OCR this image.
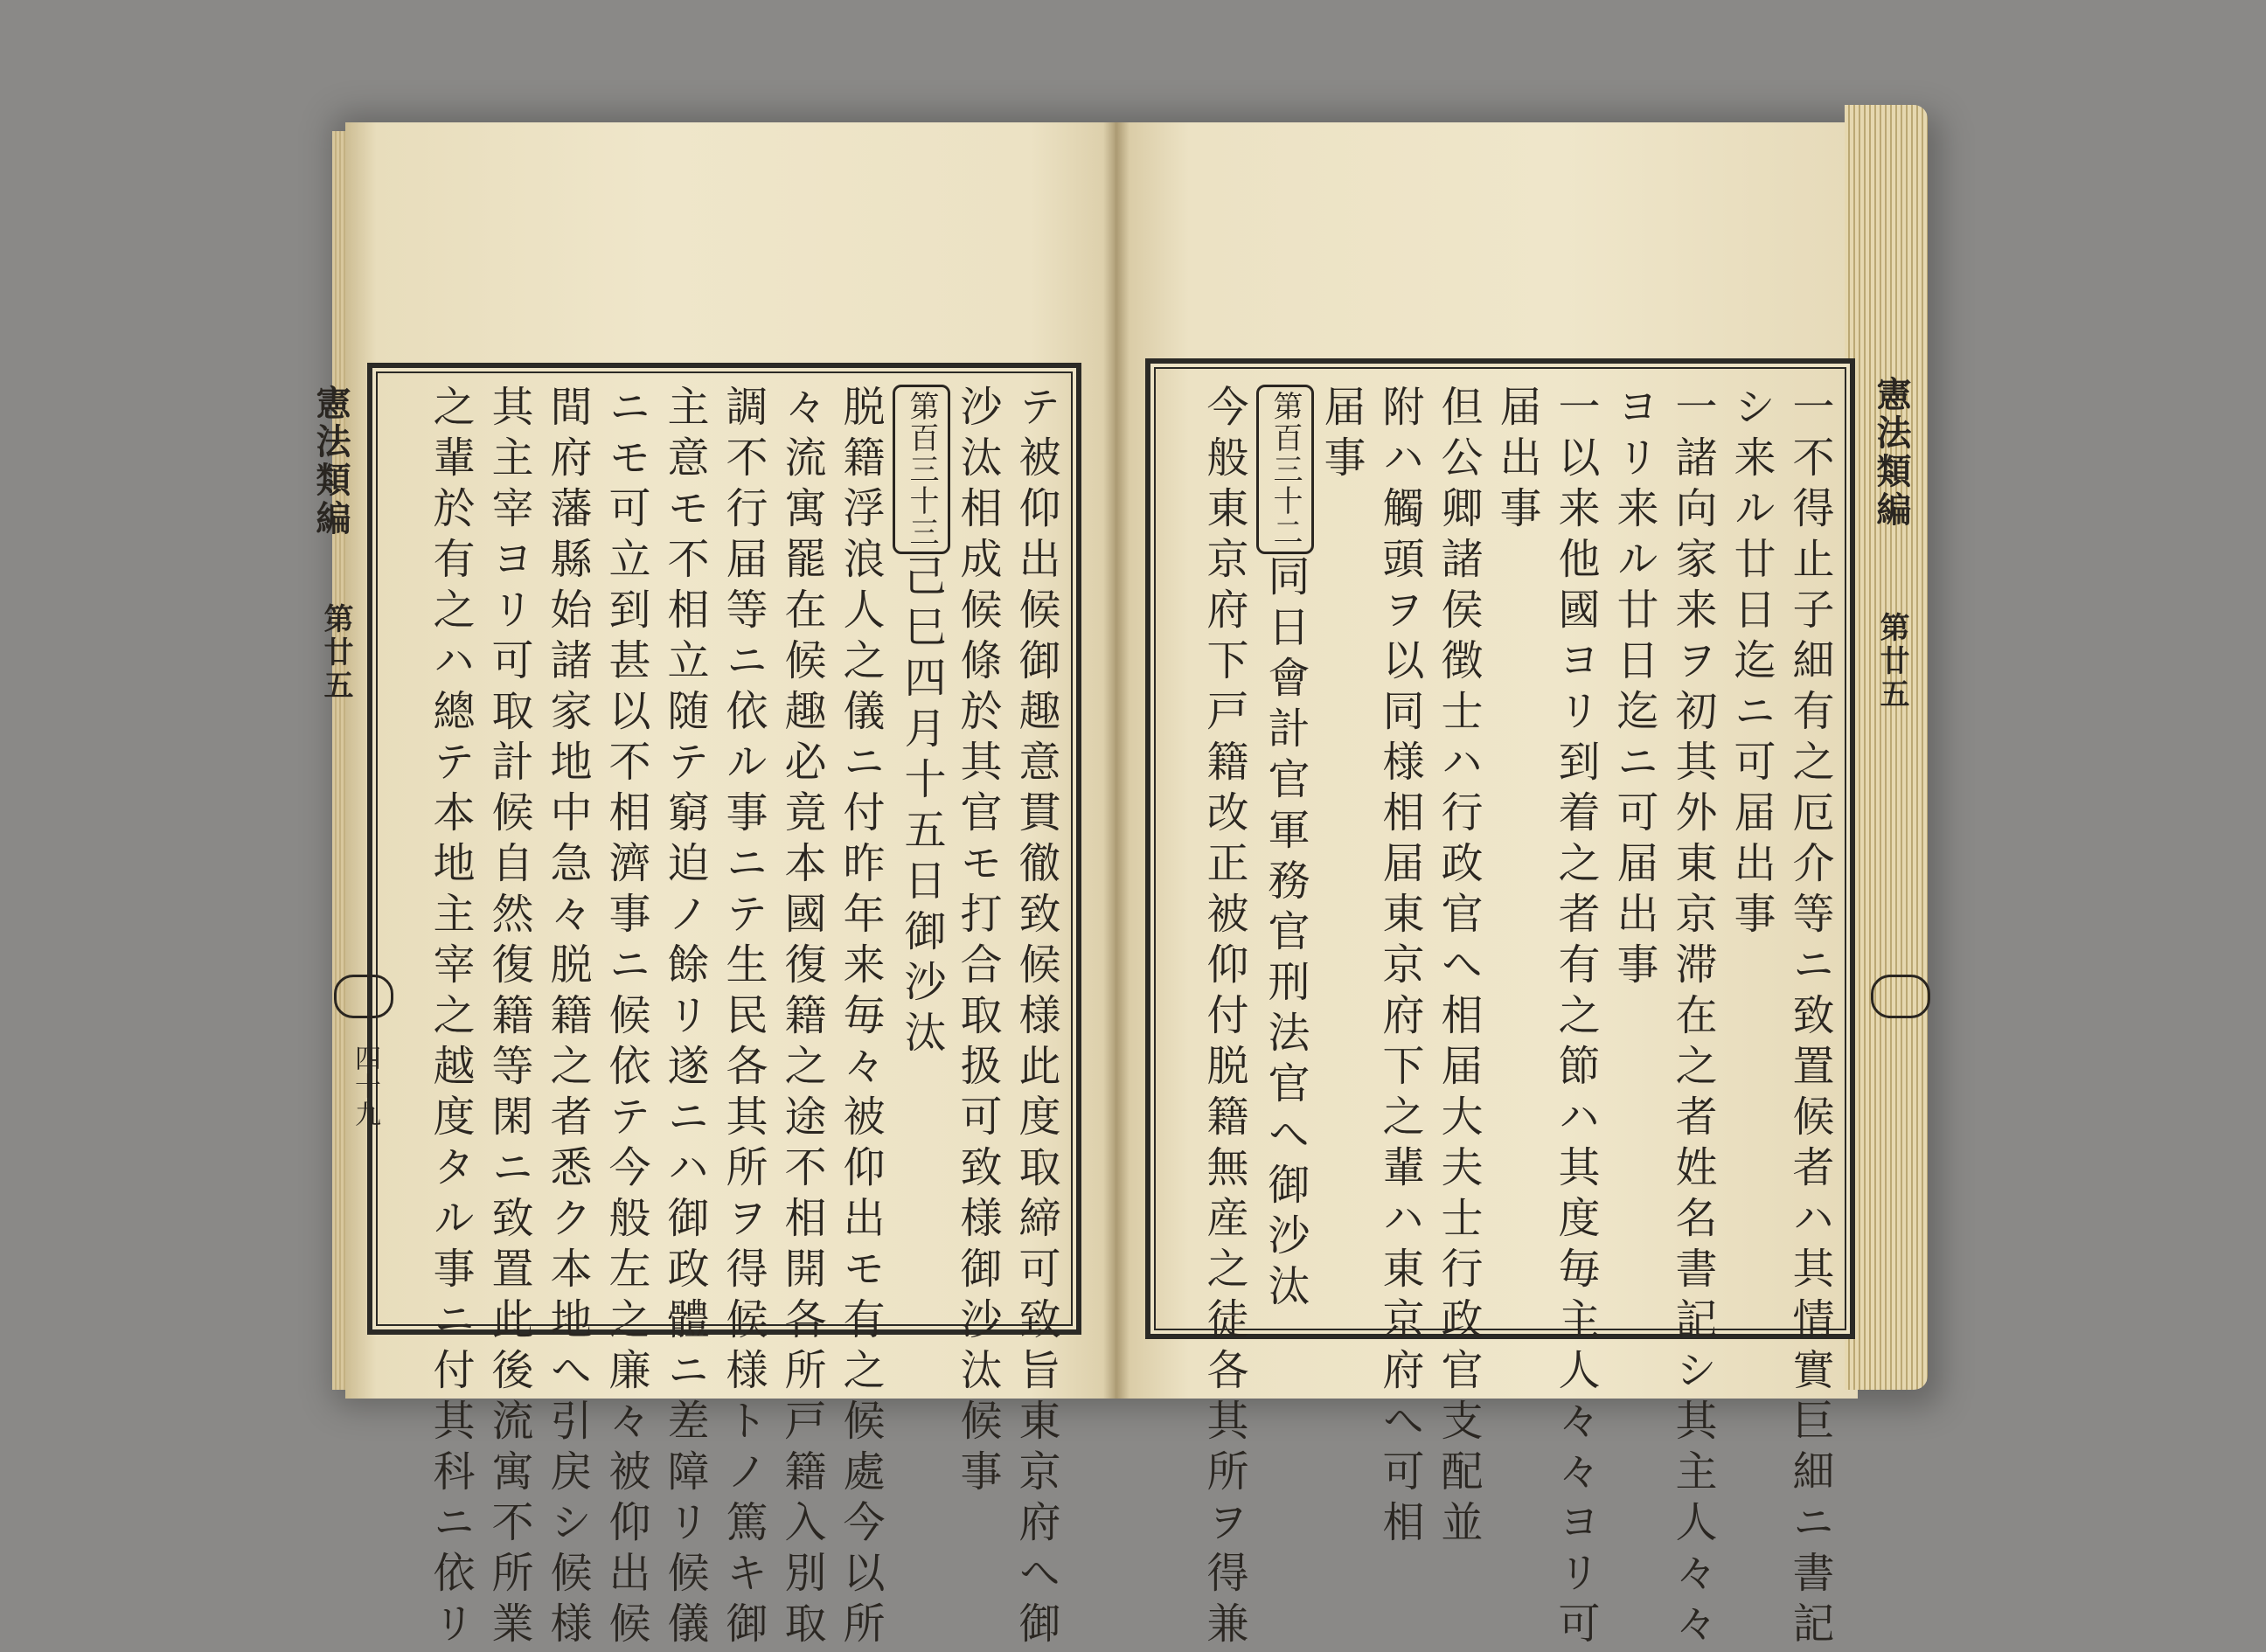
憲法類編
第廿五
四十九	テ被仰出候御趣意貫徹致候様此度取締可致旨東京府へ御
沙汰相成候條於其官モ打合取扱可致様御沙汰候事
第百三十三己巳四月十五日御沙汰
脱籍浮浪人之儀ニ付昨年来毎々被仰出モ有之候處今以所
々流寓罷在候趣必竟本國復籍之途不相開各所戸籍入別取
調不行届等ニ依ル事ニテ生民各其所ヲ得候様トノ篤キ御
主意モ不相立随テ窮迫ノ餘リ遂ニハ御政體ニ差障リ候儀
ニモ可立到甚以不相濟事ニ候依テ今般左之廉々被仰出候
間府藩縣始諸家地中急々脱籍之者悉ク本地へ引戻シ候様
其主宰ヨリ可取計候自然復籍等閑ニ致置此後流寓不所業
之輩於有之ハ總テ本地主宰之越度タル事ニ付其科ニ依リ	憲法類編
第廿五
一不得止子細有之厄介等ニ致置候者ハ其情實巨細ニ書記
シ来ル廿日迄ニ可届出事
一諸向家来ヲ初其外東京滞在之者姓名書記シ其主人々々
ヨリ来ル廿日迄ニ可届出事
一以来他國ヨリ到着之者有之節ハ其度毎主人々々ヨリ可
届出事
但公卿諸侯徴士ハ行政官へ相届大夫士行政官支配並
附ハ觸頭ヲ以同様相届東京府下之輩ハ東京府へ可相
届事
第百三十二同日會計官軍務官刑法官へ御沙汰
今般東京府下戸籍改正被仰付脱籍無産之徒各其所ヲ得兼
